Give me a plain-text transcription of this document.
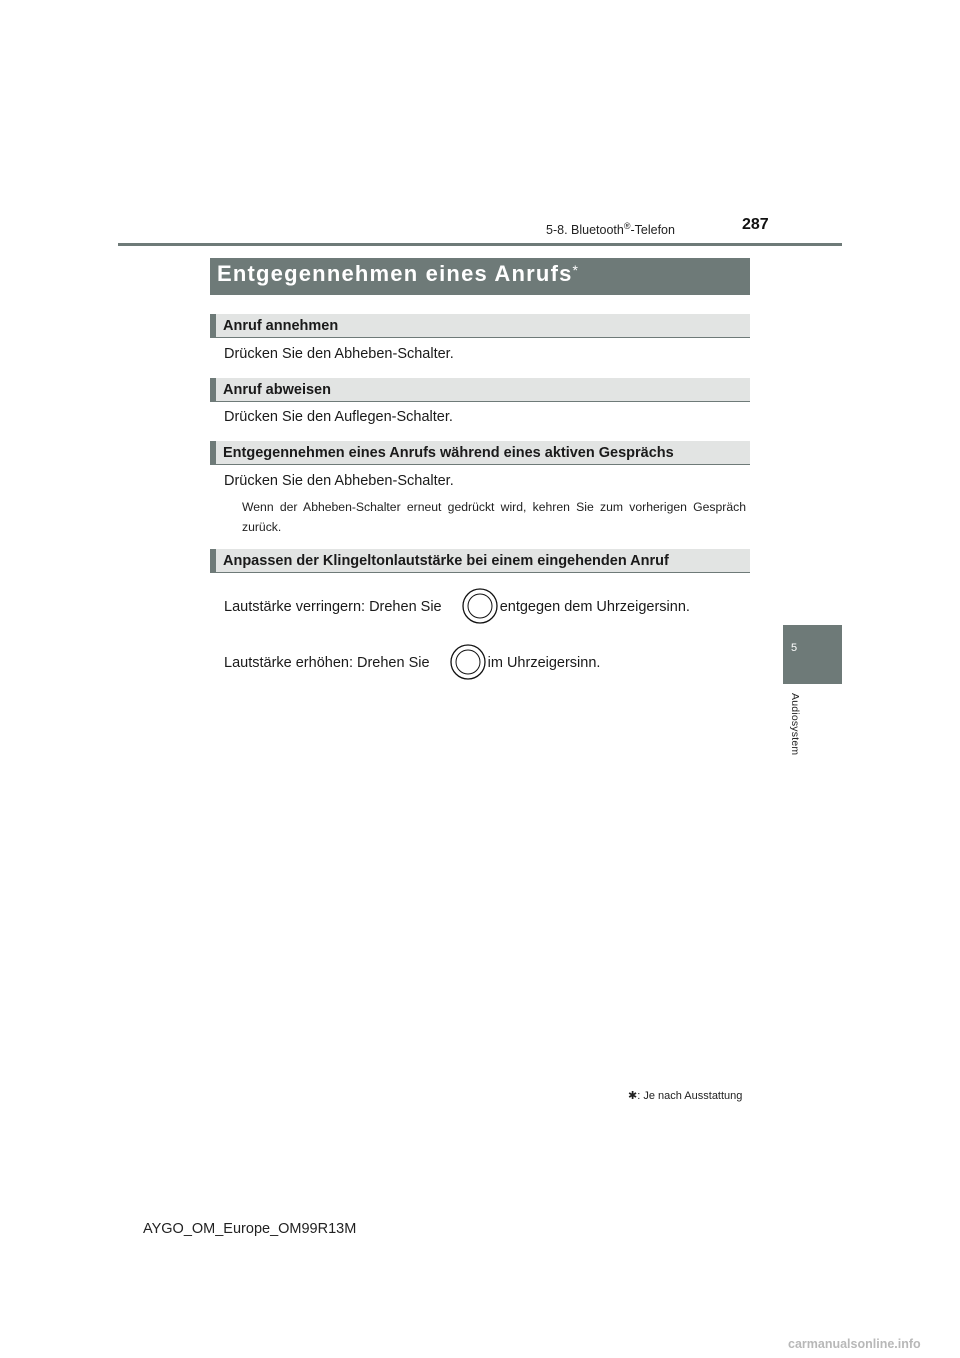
5-8. Bluetooth®-Telefon	287
5
Audiosystem
Entgegennehmen eines Anrufs*
Anruf annehmen
Drücken Sie den Abheben-Schalter.
Anruf abweisen
Drücken Sie den Auflegen-Schalter.
Entgegennehmen eines Anrufs während eines aktiven Gesprächs
Drücken Sie den Abheben-Schalter.
Wenn der Abheben-Schalter erneut gedrückt wird, kehren Sie zum vorherigen Gespräch zurück.
Anpassen der Klingeltonlautstärke bei einem eingehenden Anruf
Lautstärke verringern: Drehen Sie	entgegen dem Uhrzeigersinn.
Lautstärke erhöhen: Drehen Sie	im Uhrzeigersinn.
✱: Je nach Ausstattung
AYGO_OM_Europe_OM99R13M
carmanualsonline.info
